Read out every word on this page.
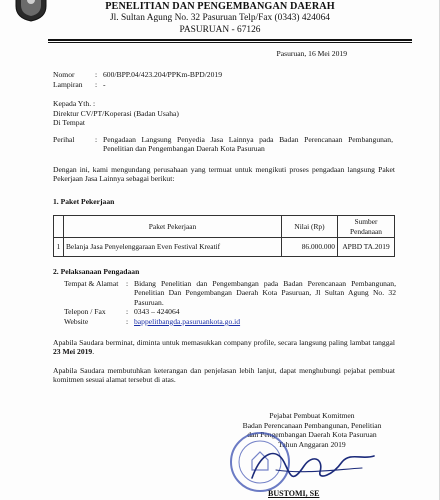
PENELITIAN DAN PENGEMBANGAN DAERAH
Jl. Sultan Agung No. 32 Pasuruan Telp/Fax (0343) 424064
PASURUAN - 67126
Pasuruan, 16 Mei 2019
Nomor	: 600/BPP.04/423.204/PPKm-BPD/2019
Lampiran	: -
Kepada Yth. :
Direktur CV/PT/Koperasi (Badan Usaha)
Di Tempat
Perihal	: Pengadaan Langsung Penyedia Jasa Lainnya pada Badan Perencanaan Pembangunan, Penelitian dan Pengembangan Daerah Kota Pasuruan
Dengan ini, kami mengundang perusahaan yang termuat untuk mengikuti proses pengadaan langsung Paket Pekerjaan Jasa Lainnya sebagai berikut:
1. Paket Pekerjaan
	Paket Pekerjaan	Nilai (Rp)	Sumber Pendanaan
1	Belanja Jasa Penyelenggaraan Even Festival Kreatif	86.000.000	APBD TA.2019
2. Pelaksanaan Pengadaan
Tempat & Alamat	: Bidang Penelitian dan Pengembangan pada Badan Perencanaan Pembangunan, Penelitian Dan Pengembangan Daerah Kota Pasuruan, Jl Sultan Agung No. 32 Pasuruan.
Telepon / Fax	: 0343 – 424064
Website	: bappelitbangda.pasuruankota.go.id
Apabila Saudara berminat, diminta untuk memasukkan company profile, secara langsung paling lambat tanggal 23 Mei 2019.
Apabila Saudara membutuhkan keterangan dan penjelasan lebih lanjut, dapat menghubungi pejabat pembuat komitmen sesuai alamat tersebut di atas.
Pejabat Pembuat Komitmen
Badan Perencanaan Pembangunan, Penelitian
dan Pengembangan Daerah Kota Pasuruan
Tahun Anggaran 2019
BUSTOMI, SE
